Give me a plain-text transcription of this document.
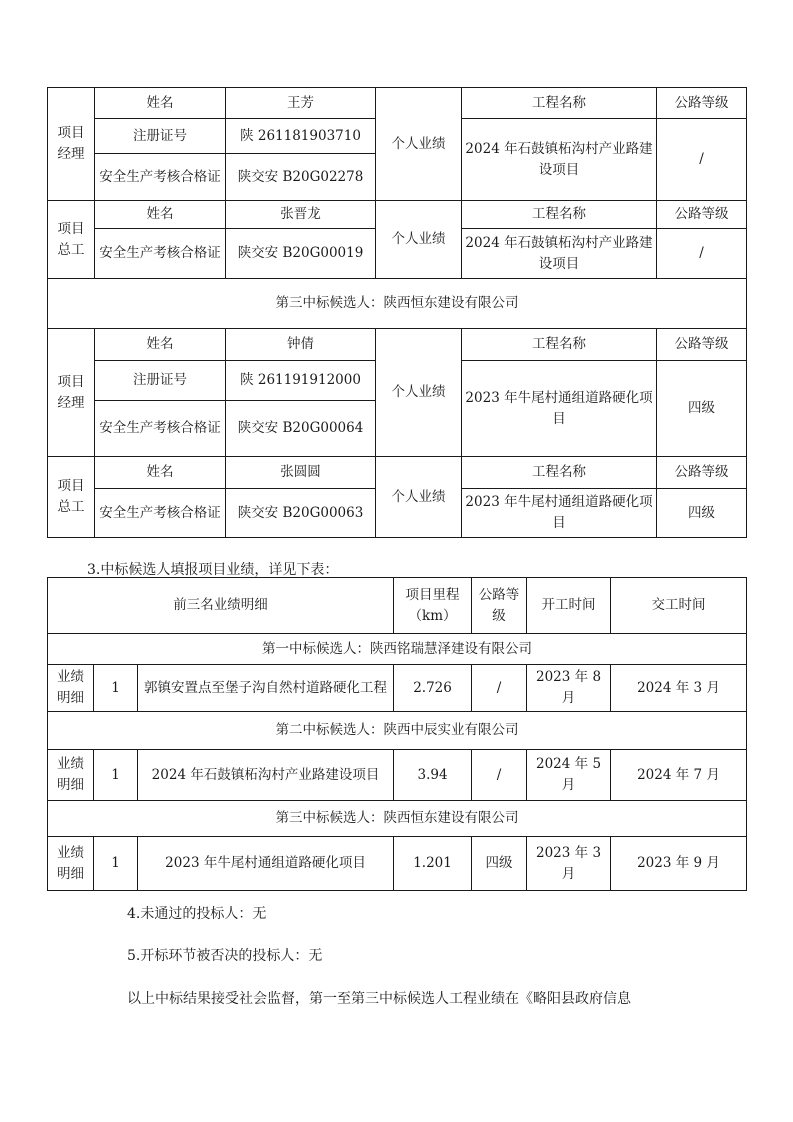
项目经理	姓名	王芳	个人业绩	工程名称	公路等级
	注册证号	陕 261181903710		2024 年石鼓镇柘沟村产业路建设项目	/
	安全生产考核合格证	陕交安 B20G02278			
项目总工	姓名	张晋龙	个人业绩	工程名称	公路等级
	安全生产考核合格证	陕交安 B20G00019		2024 年石鼓镇柘沟村产业路建设项目	/
第三中标候选人：陕西恒东建设有限公司					
项目经理	姓名	钟倩	个人业绩	工程名称	公路等级
	注册证号	陕 261191912000		2023 年牛尾村通组道路硬化项目	四级
	安全生产考核合格证	陕交安 B20G00064			
项目总工	姓名	张圆圆	个人业绩	工程名称	公路等级
	安全生产考核合格证	陕交安 B20G00063		2023 年牛尾村通组道路硬化项目	四级
3.中标候选人填报项目业绩，详见下表：
前三名业绩明细			项目里程（km）	公路等级	开工时间	交工时间
第一中标候选人：陕西铭瑞慧泽建设有限公司						
业绩明细	1	郭镇安置点至堡子沟自然村道路硬化工程	2.726	/	2023 年 8 月	2024 年 3 月
第二中标候选人：陕西中辰实业有限公司						
业绩明细	1	2024 年石鼓镇柘沟村产业路建设项目	3.94	/	2024 年 5 月	2024 年 7 月
第三中标候选人：陕西恒东建设有限公司						
业绩明细	1	2023 年牛尾村通组道路硬化项目	1.201	四级	2023 年 3 月	2023 年 9 月
4.未通过的投标人：无
5.开标环节被否决的投标人：无
以上中标结果接受社会监督，第一至第三中标候选人工程业绩在《略阳县政府信息
